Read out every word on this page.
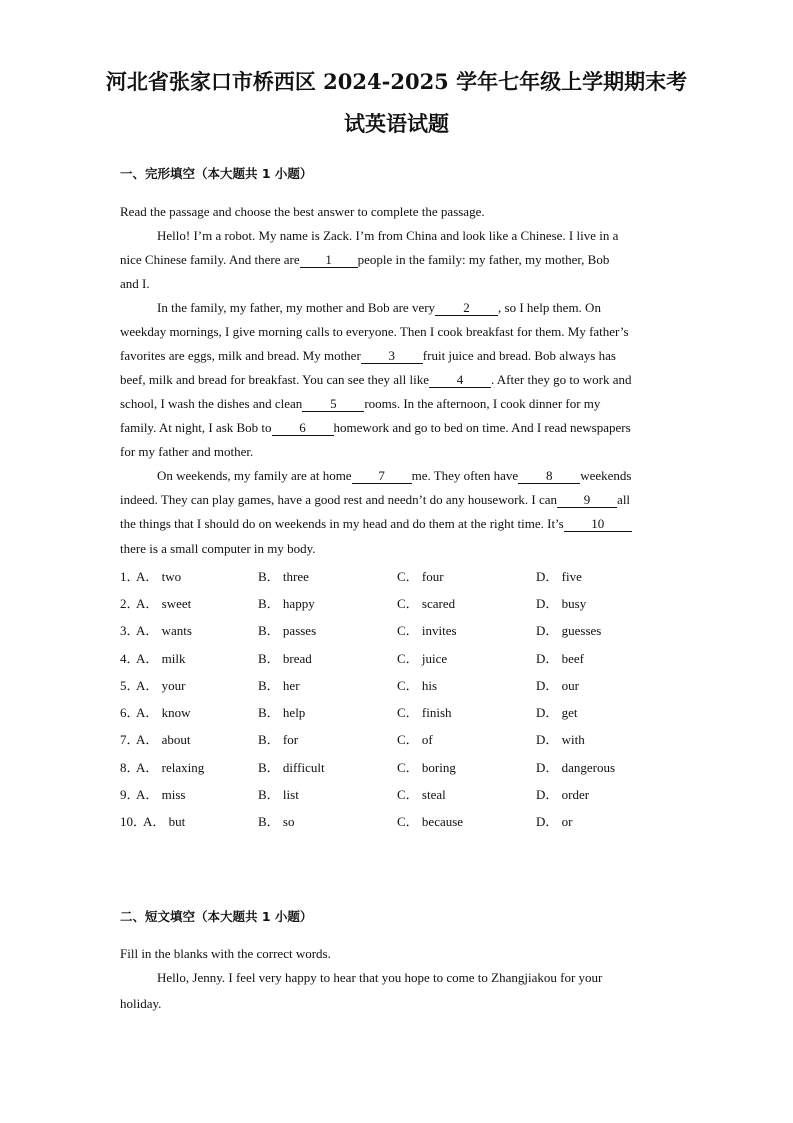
河北省张家口市桥西区 2024-2025 学年七年级上学期期末考
试英语试题
一、完形填空（本大题共 1 小题）
Read the passage and choose the best answer to complete the passage.
Hello! I’m a robot. My name is Zack. I’m from China and look like a Chinese. I live in a
nice Chinese family. And there are 1 people in the family: my father, my mother, Bob
and I.
In the family, my father, my mother and Bob are very 2 , so I help them. On
weekday mornings, I give morning calls to everyone. Then I cook breakfast for them. My father’s
favorites are eggs, milk and bread. My mother 3 fruit juice and bread. Bob always has
beef, milk and bread for breakfast. You can see they all like 4 . After they go to work and
school, I wash the dishes and clean 5 rooms. In the afternoon, I cook dinner for my
family. At night, I ask Bob to 6 homework and go to bed on time. And I read newspapers
for my father and mother.
On weekends, my family are at home 7 me. They often have 8 weekends
indeed. They can play games, have a good rest and needn’t do any housework. I can 9 all
the things that I should do on weekends in my head and do them at the right time. It’s 10
there is a small computer in my body.
1．
A． two	B． three	C． four	D． five
2．
A． sweet	B． happy	C． scared	D． busy
3．
A． wants	B． passes	C． invites	D． guesses
4．
A． milk	B． bread	C． juice	D． beef
5．
A． your	B． her	C． his	D． our
6．
A． know	B． help	C． finish	D． get
7．
A． about	B． for	C． of	D． with
8．
A． relaxing	B． difficult	C． boring	D． dangerous
9．
A． miss	B． list	C． steal	D． order
10．
A． but	B． so	C． because	D． or
二、短文填空（本大题共 1 小题）
Fill in the blanks with the correct words.
Hello, Jenny. I feel very happy to hear that you hope to come to Zhangjiakou for your
holiday.
